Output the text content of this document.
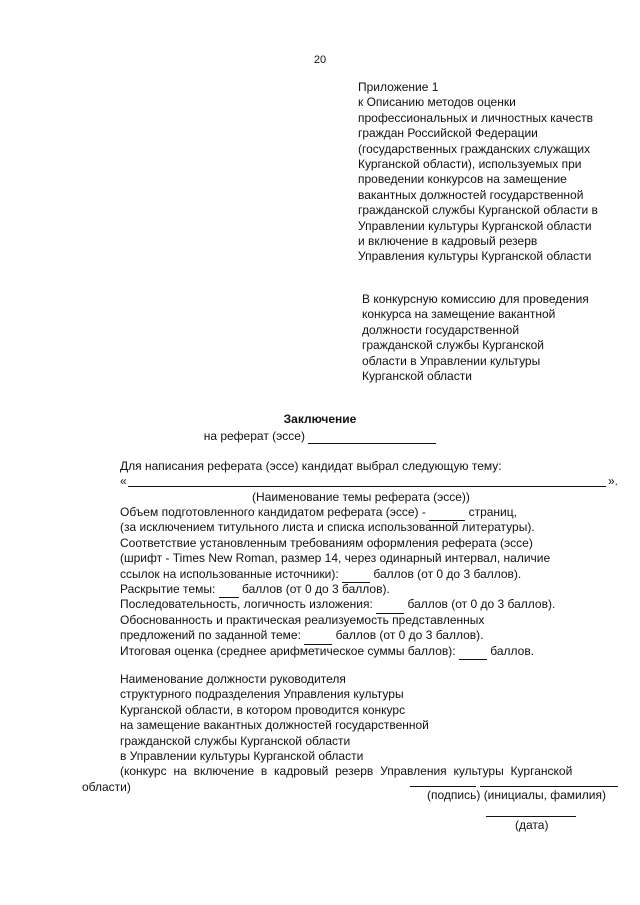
20
Приложение 1
к Описанию методов оценки
профессиональных и личностных качеств
граждан Российской Федерации
(государственных гражданских служащих
Курганской области), используемых при
проведении конкурсов на замещение
вакантных должностей государственной
гражданской службы Курганской области в
Управлении культуры Курганской области
и включение в кадровый резерв
Управления культуры Курганской области
В конкурсную комиссию для проведения
конкурса на замещение вакантной
должности государственной
гражданской службы Курганской
области в Управлении культуры
Курганской области
Заключение
на реферат (эссе)
Для написания реферата (эссе) кандидат выбрал следующую тему:
«	».
(Наименование темы реферата (эссе))
Объем подготовленного кандидатом реферата (эссе) -	страниц,
(за исключением титульного листа и списка использованной литературы).
Соответствие установленным требованиям оформления реферата (эссе)
(шрифт - Times New Roman, размер 14, через одинарный интервал, наличие
ссылок на использованные источники):	баллов (от 0 до 3 баллов).
Раскрытие темы: баллов (от 0 до 3 баллов).
Последовательность, логичность изложения:	баллов (от 0 до 3 баллов).
Обоснованность и практическая реализуемость представленных
предложений по заданной теме:	баллов (от 0 до 3 баллов).
Итоговая оценка (среднее арифметическое суммы баллов):	баллов.
Наименование должности руководителя
структурного подразделения Управления культуры
Курганской области, в котором проводится конкурс
на замещение вакантных должностей государственной
гражданской службы Курганской области
в Управлении культуры Курганской области
(конкурс на включение в кадровый резерв Управления культуры Курганской
области)
(подпись) (инициалы, фамилия)
(дата)
